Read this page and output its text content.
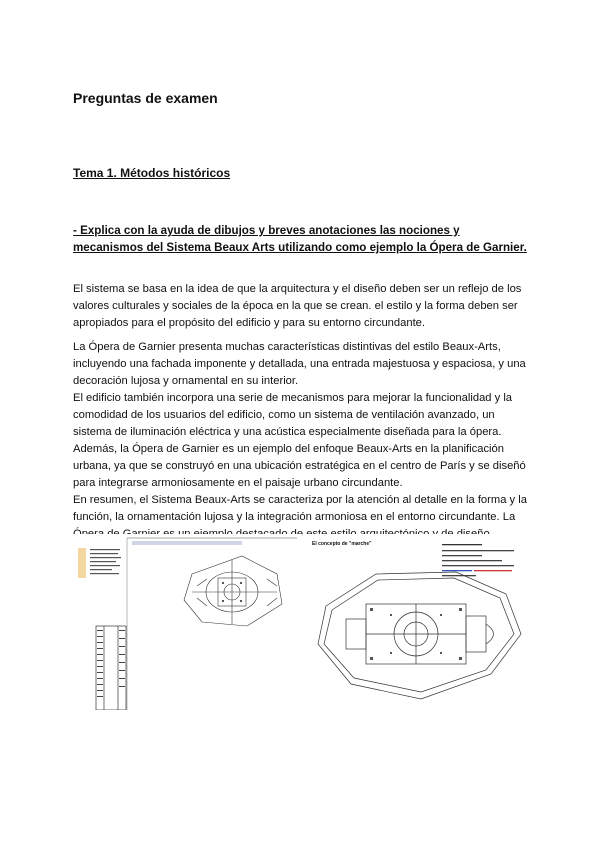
Preguntas de examen
Tema 1. Métodos históricos
- Explica con la ayuda de dibujos y breves anotaciones las nociones y mecanismos del Sistema Beaux Arts utilizando como ejemplo la Ópera de Garnier.

El sistema se basa en la idea de que la arquitectura y el diseño deben ser un reflejo de los valores culturales y sociales de la época en la que se crean. el estilo y la forma deben ser apropiados para el propósito del edificio y para su entorno circundante.

La Ópera de Garnier presenta muchas características distintivas del estilo Beaux-Arts, incluyendo una fachada imponente y detallada, una entrada majestuosa y espaciosa, y una decoración lujosa y ornamental en su interior.
El edificio también incorpora una serie de mecanismos para mejorar la funcionalidad y la comodidad de los usuarios del edificio, como un sistema de ventilación avanzado, un sistema de iluminación eléctrica y una acústica especialmente diseñada para la ópera.
Además, la Ópera de Garnier es un ejemplo del enfoque Beaux-Arts en la planificación urbana, ya que se construyó en una ubicación estratégica en el centro de París y se diseñó para integrarse armoniosamente en el paisaje urbano circundante.
En resumen, el Sistema Beaux-Arts se caracteriza por la atención al detalle en la forma y la función, la ornamentación lujosa y la integración armoniosa en el entorno circundante. La
El concepto de "marche"
